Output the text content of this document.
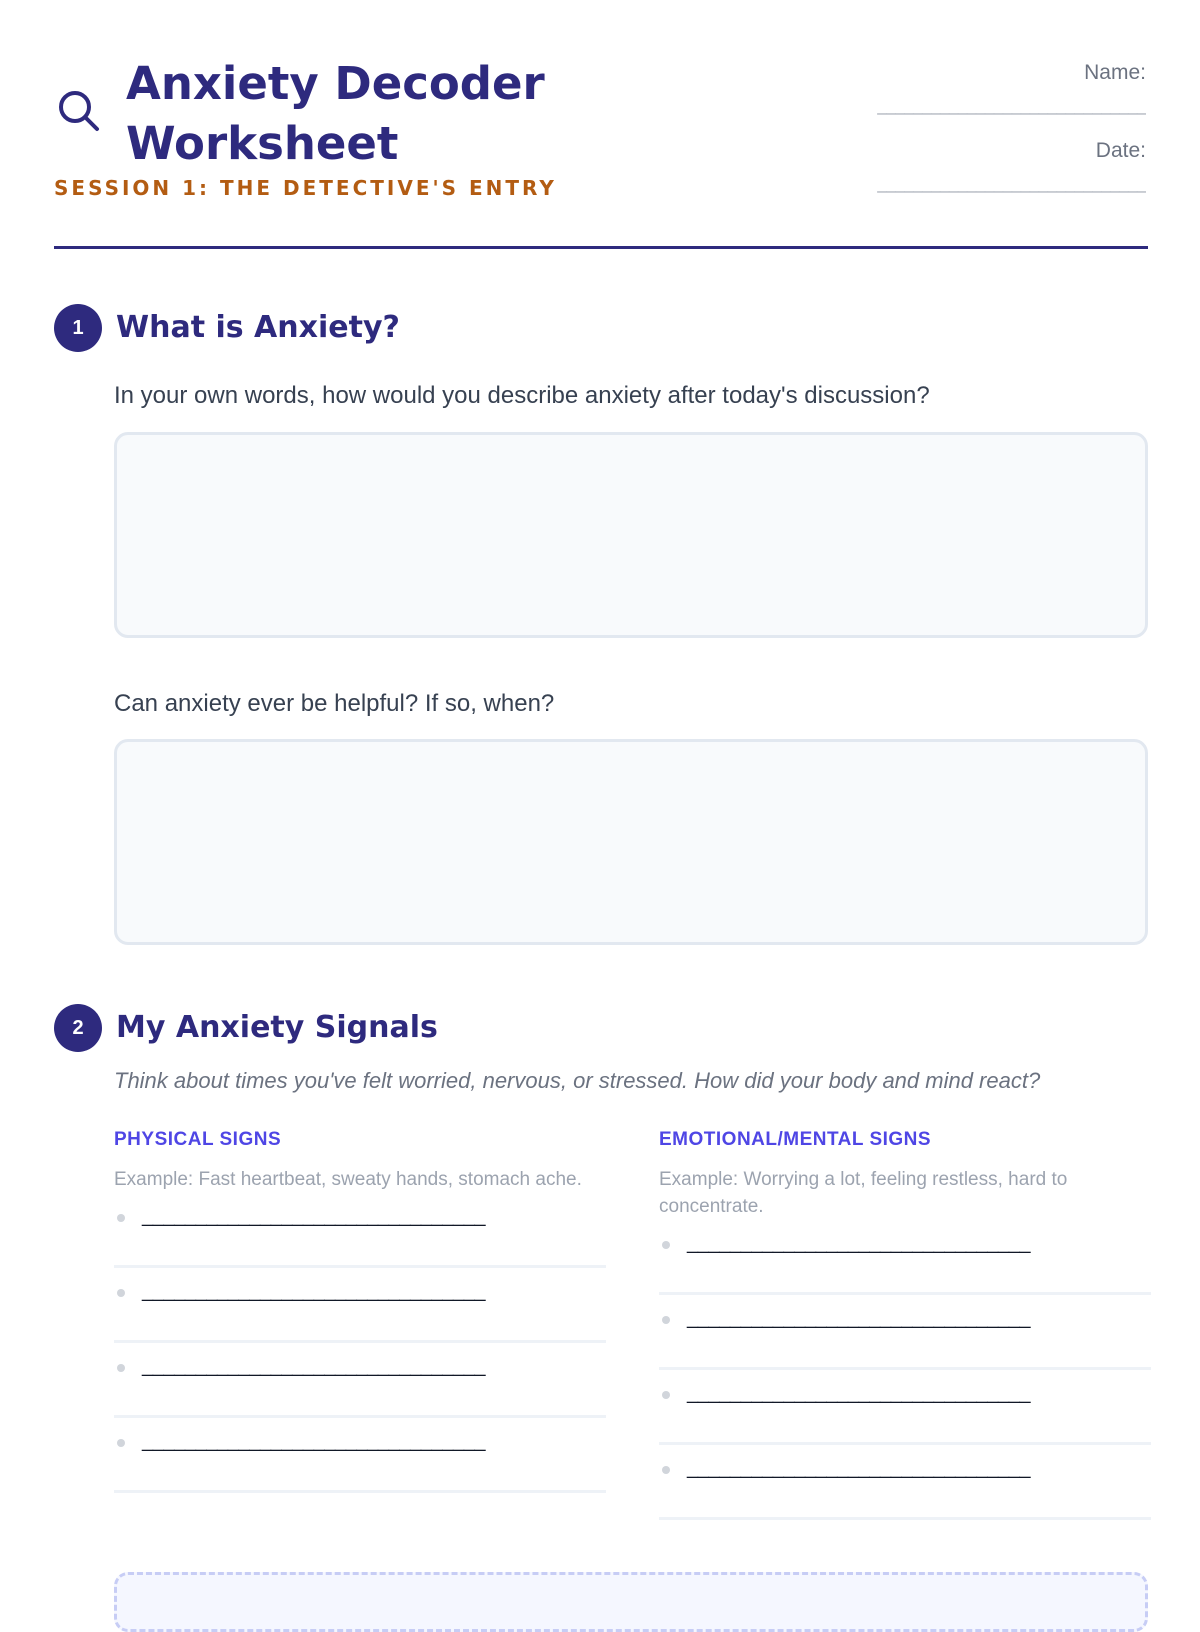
Anxiety Decoder Worksheet
SESSION 1: THE DETECTIVE'S ENTRY
Name:
______________________________
Date:
______________________________
1	What is Anxiety?
In your own words, how would you describe anxiety after today's discussion?
Can anxiety ever be helpful? If so, when?
2	My Anxiety Signals
Think about times you've felt worried, nervous, or stressed. How did your body and mind react?
PHYSICAL SIGNS
Example: Fast heartbeat, sweaty hands, stomach ache.
________________________________
________________________________
________________________________
________________________________
EMOTIONAL/MENTAL SIGNS
Example: Worrying a lot, feeling restless, hard to concentrate.
________________________________
________________________________
________________________________
________________________________
